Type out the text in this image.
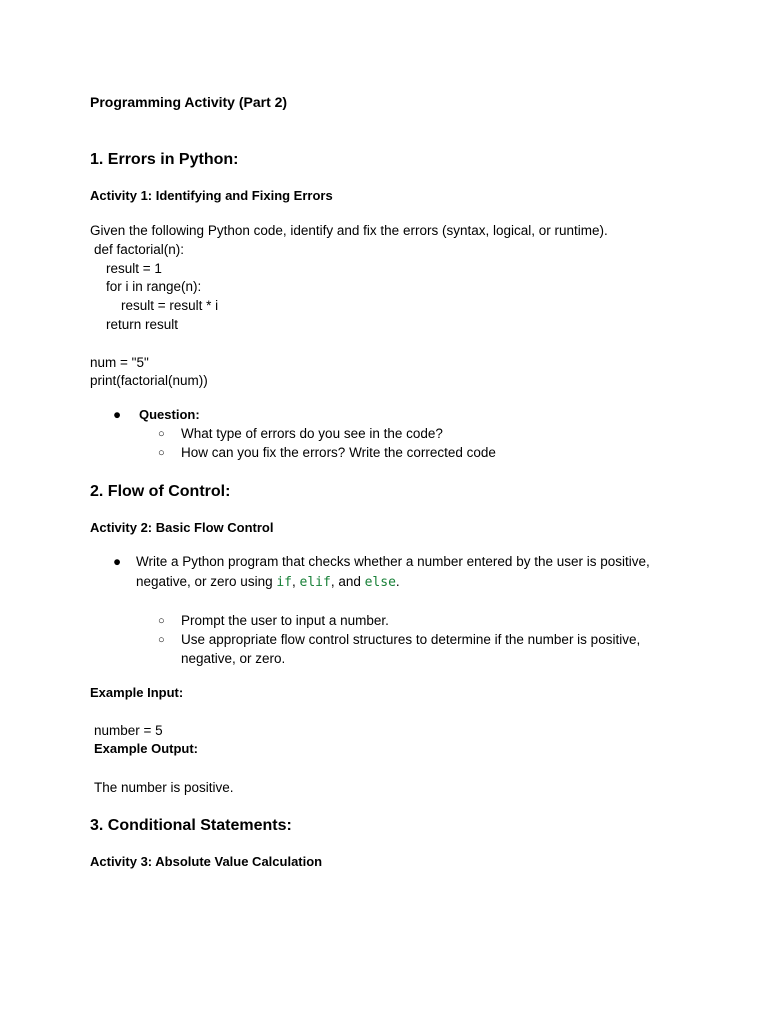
Programming Activity (Part 2)
1. Errors in Python:
Activity 1: Identifying and Fixing Errors
Given the following Python code, identify and fix the errors (syntax, logical, or runtime).
def factorial(n):
result = 1
for i in range(n):
result = result * i
return result
num = "5"
print(factorial(num))
● Question:
○ What type of errors do you see in the code?
○ How can you fix the errors? Write the corrected code
2. Flow of Control:
Activity 2: Basic Flow Control
● Write a Python program that checks whether a number entered by the user is positive,
negative, or zero using if, elif, and else.
○ Prompt the user to input a number.
○ Use appropriate flow control structures to determine if the number is positive,
negative, or zero.
Example Input:
number = 5
Example Output:
The number is positive.
3. Conditional Statements:
Activity 3: Absolute Value Calculation
